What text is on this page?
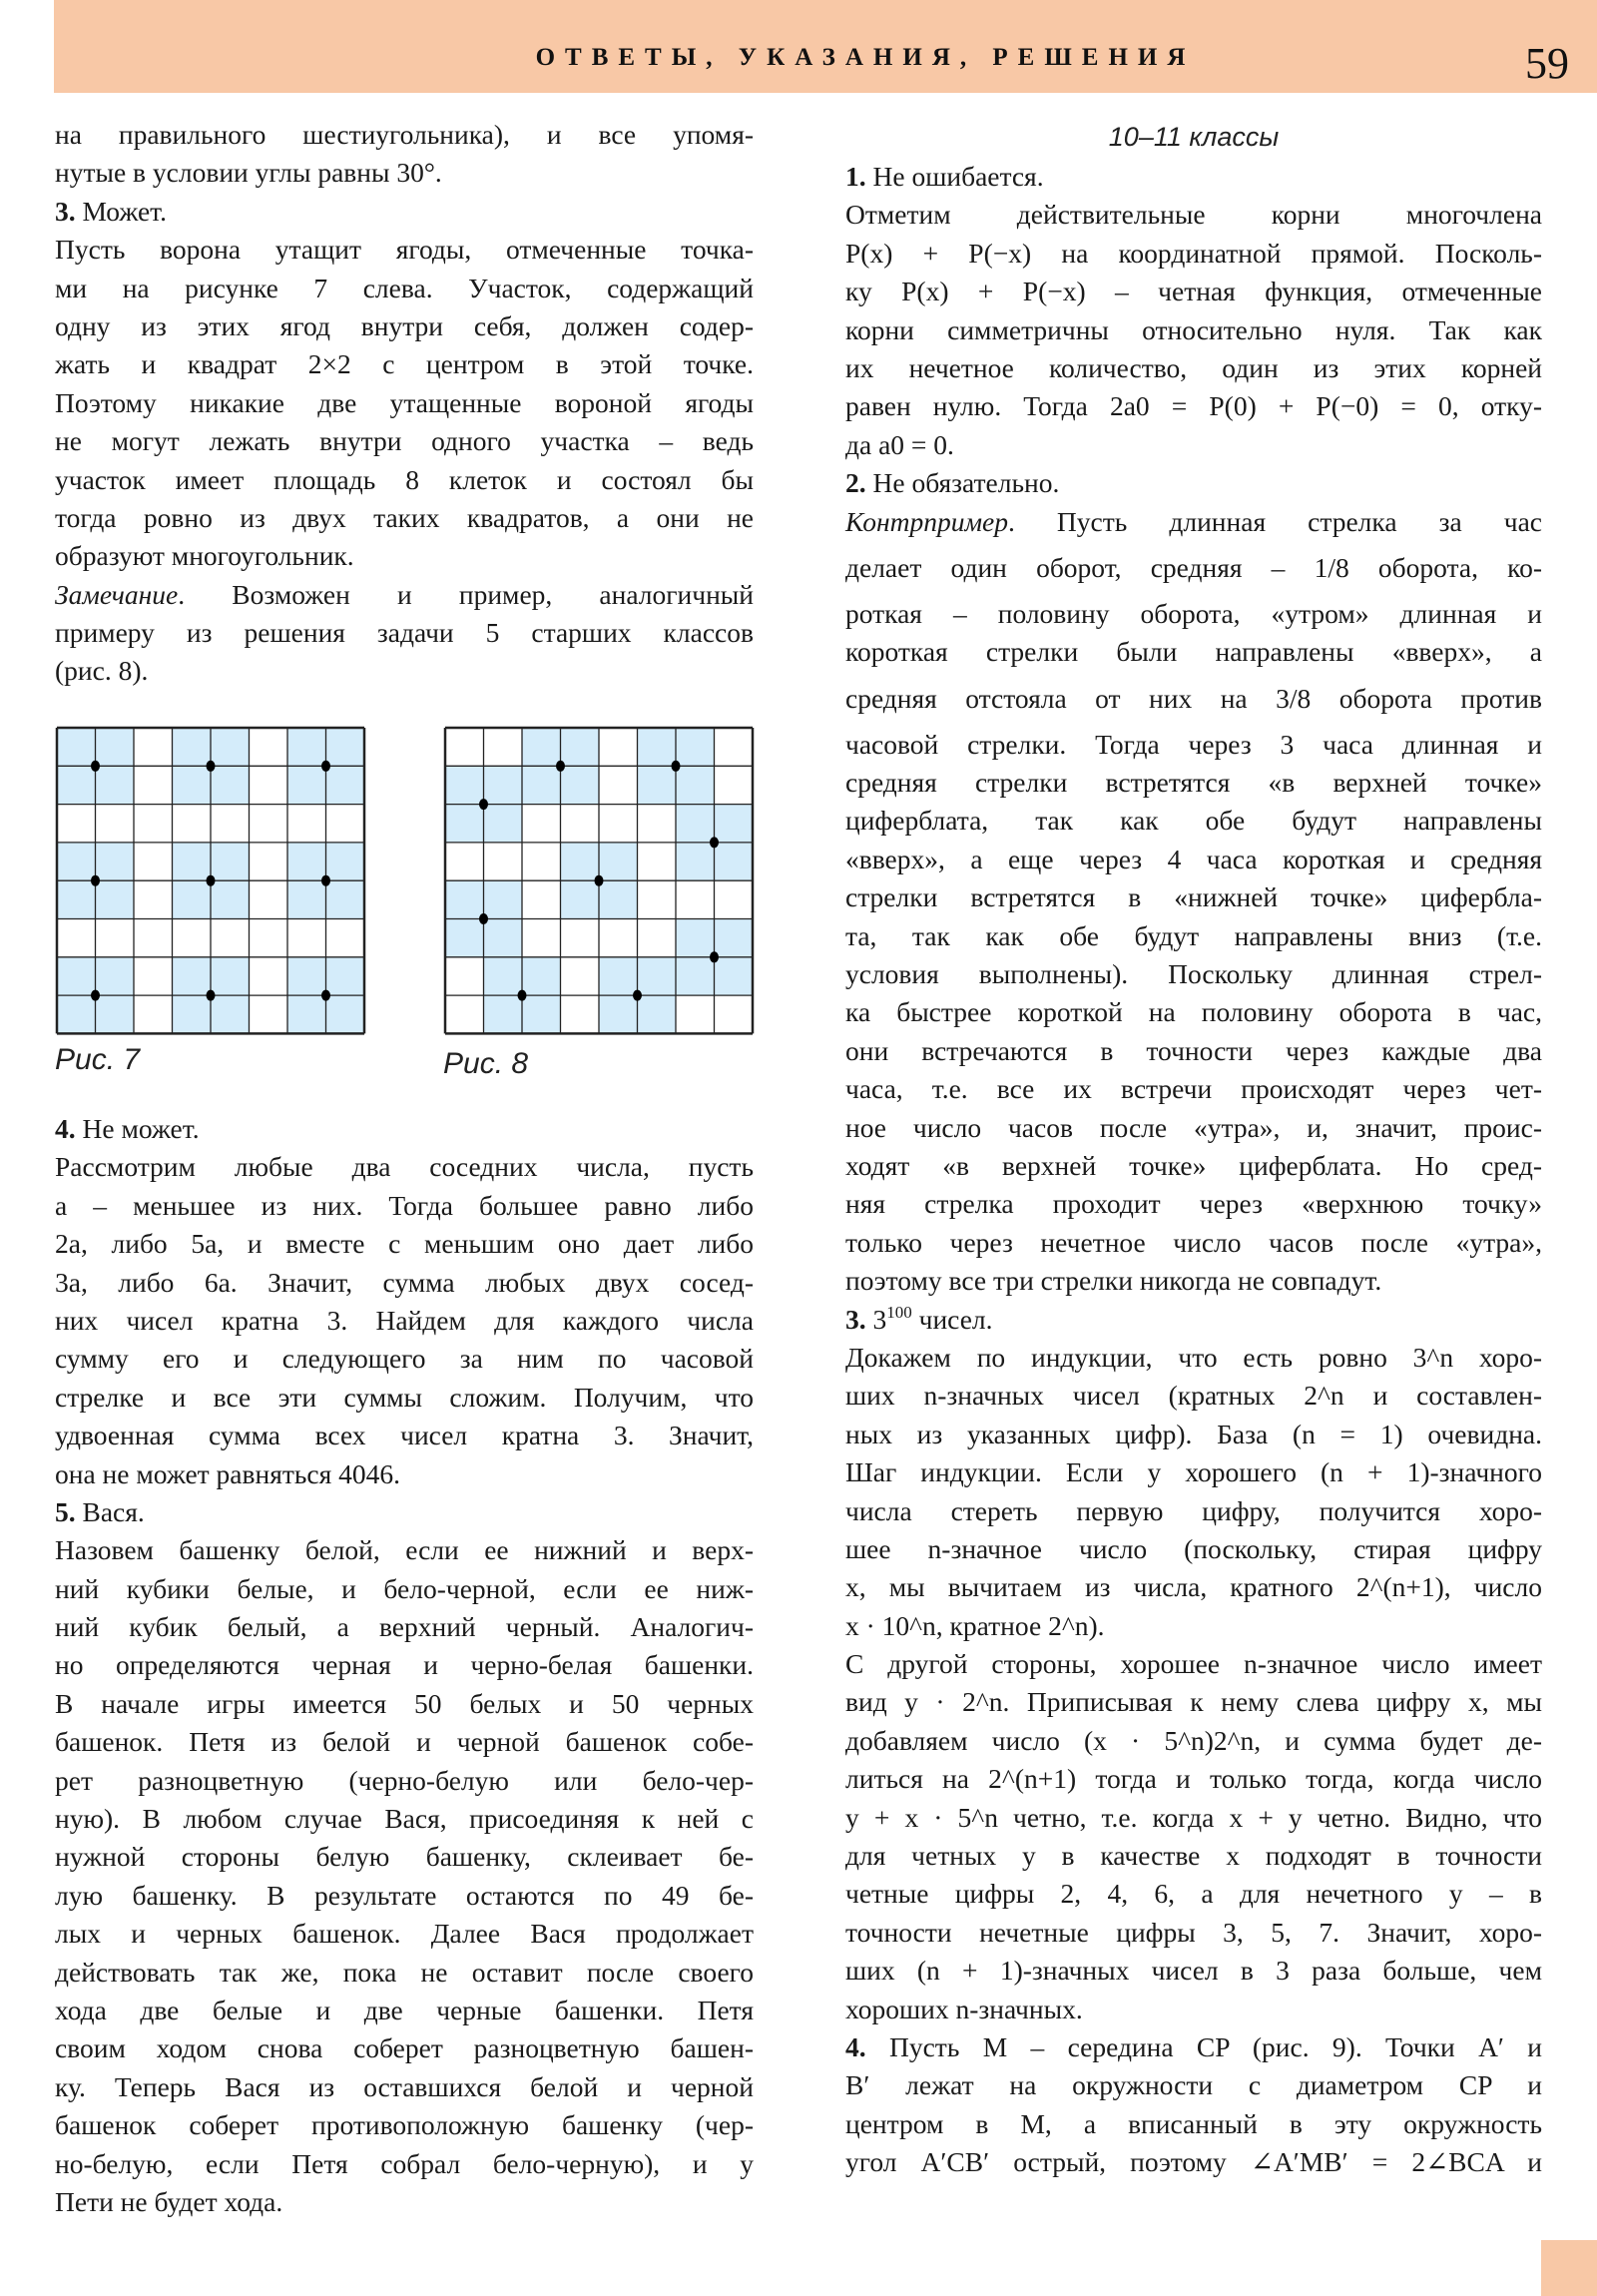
ОТВЕТЫ, УКАЗАНИЯ, РЕШЕНИЯ	59
на правильного шестиугольника), и все упомя-
нутые в условии углы равны 30°.
3. Может.
Пусть ворона утащит ягоды, отмеченные точка-
ми на рисунке 7 слева. Участок, содержащий
одну из этих ягод внутри себя, должен содер-
жать и квадрат 2×2 с центром в этой точке.
Поэтому никакие две утащенные вороной ягоды
не могут лежать внутри одного участка – ведь
участок имеет площадь 8 клеток и состоял бы
тогда ровно из двух таких квадратов, а они не
образуют многоугольник.
Замечание. Возможен и пример, аналогичный
примеру из решения задачи 5 старших классов
(рис. 8).
Рис. 7	Рис. 8
4. Не может.
Рассмотрим любые два соседних числа, пусть
a – меньшее из них. Тогда большее равно либо
2a, либо 5a, и вместе с меньшим оно дает либо
3a, либо 6a. Значит, сумма любых двух сосед-
них чисел кратна 3. Найдем для каждого числа
сумму его и следующего за ним по часовой
стрелке и все эти суммы сложим. Получим, что
удвоенная сумма всех чисел кратна 3. Значит,
она не может равняться 4046.
5. Вася.
Назовем башенку белой, если ее нижний и верх-
ний кубики белые, и бело-черной, если ее ниж-
ний кубик белый, а верхний черный. Аналогич-
но определяются черная и черно-белая башенки.
В начале игры имеется 50 белых и 50 черных
башенок. Петя из белой и черной башенок собе-
рет разноцветную (черно-белую или бело-чер-
ную). В любом случае Вася, присоединяя к ней с
нужной стороны белую башенку, склеивает бе-
лую башенку. В результате остаются по 49 бе-
лых и черных башенок. Далее Вася продолжает
действовать так же, пока не оставит после своего
хода две белые и две черные башенки. Петя
своим ходом снова соберет разноцветную башен-
ку. Теперь Вася из оставшихся белой и черной
башенок соберет противоположную башенку (чер-
но-белую, если Петя собрал бело-черную), и у
Пети не будет хода.
10–11 классы
1. Не ошибается.
Отметим действительные корни многочлена
P(x) + P(−x) на координатной прямой. Посколь-
ку P(x) + P(−x) – четная функция, отмеченные
корни симметричны относительно нуля. Так как
их нечетное количество, один из этих корней
равен нулю. Тогда 2a0 = P(0) + P(−0) = 0, отку-
да a0 = 0.
2. Не обязательно.
Контрпример. Пусть длинная стрелка за час
делает один оборот, средняя – 1/8 оборота, ко-
роткая – половину оборота, «утром» длинная и
короткая стрелки были направлены «вверх», а
средняя отстояла от них на 3/8 оборота против
часовой стрелки. Тогда через 3 часа длинная и
средняя стрелки встретятся «в верхней точке»
циферблата, так как обе будут направлены
«вверх», а еще через 4 часа короткая и средняя
стрелки встретятся в «нижней точке» цифербла-
та, так как обе будут направлены вниз (т.е.
условия выполнены). Поскольку длинная стрел-
ка быстрее короткой на половину оборота в час,
они встречаются в точности через каждые два
часа, т.е. все их встречи происходят через чет-
ное число часов после «утра», и, значит, проис-
ходят «в верхней точке» циферблата. Но сред-
няя стрелка проходит через «верхнюю точку»
только через нечетное число часов после «утра»,
поэтому все три стрелки никогда не совпадут.
3. $3^{100}$ чисел.
Докажем по индукции, что есть ровно 3^n хоро-
ших n-значных чисел (кратных 2^n и составлен-
ных из указанных цифр). База (n = 1) очевидна.
Шаг индукции. Если у хорошего (n + 1)-значного
числа стереть первую цифру, получится хоро-
шее n-значное число (поскольку, стирая цифру
x, мы вычитаем из числа, кратного 2^(n+1), число
x · 10^n, кратное 2^n).
С другой стороны, хорошее n-значное число имеет
вид y · 2^n. Приписывая к нему слева цифру x, мы
добавляем число (x · 5^n)2^n, и сумма будет де-
литься на 2^(n+1) тогда и только тогда, когда число
y + x · 5^n четно, т.е. когда x + y четно. Видно, что
для четных y в качестве x подходят в точности
четные цифры 2, 4, 6, а для нечетного y – в
точности нечетные цифры 3, 5, 7. Значит, хоро-
ших (n + 1)-значных чисел в 3 раза больше, чем
хороших n-значных.
4. Пусть M – середина CP (рис. 9). Точки A′ и
B′ лежат на окружности с диаметром CP и
центром в M, а вписанный в эту окружность
угол A′CB′ острый, поэтому ∠A′MB′ = 2∠BCA и
